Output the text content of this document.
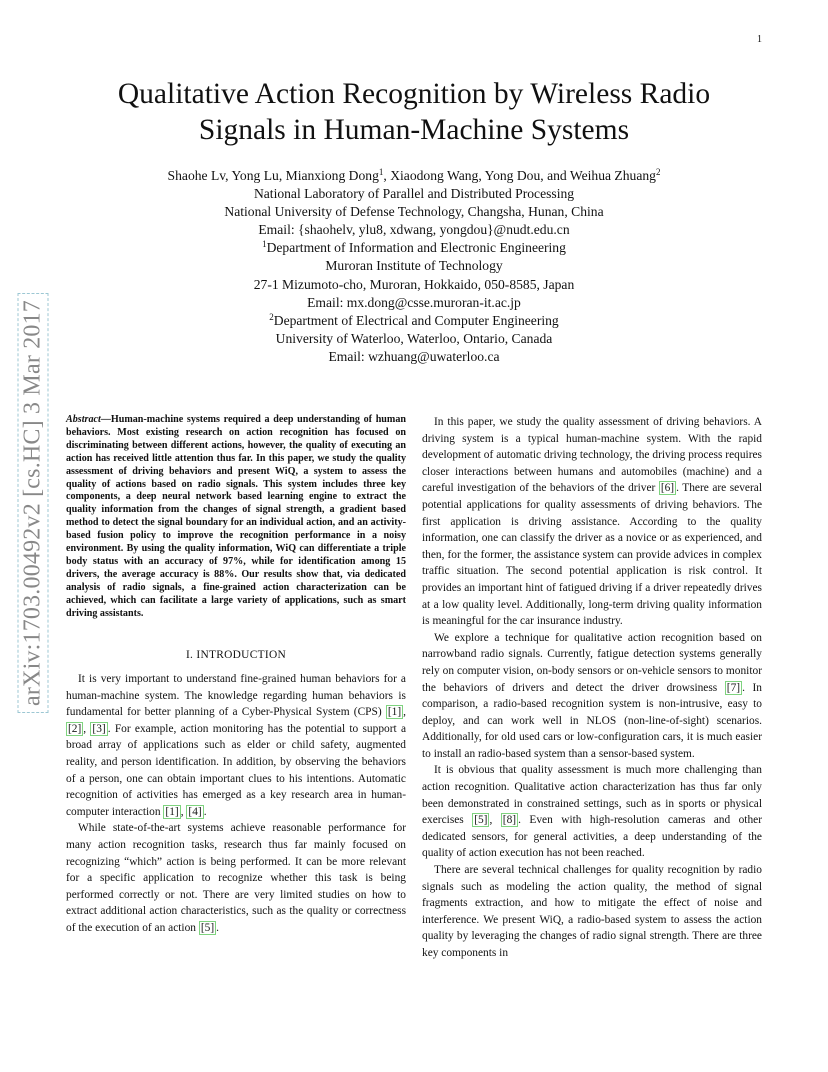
1
arXiv:1703.00492v2 [cs.HC] 3 Mar 2017
Qualitative Action Recognition by Wireless Radio
Signals in Human-Machine Systems
Shaohe Lv, Yong Lu, Mianxiong Dong$^1$, Xiaodong Wang, Yong Dou, and Weihua Zhuang$^2$
National Laboratory of Parallel and Distributed Processing
National University of Defense Technology, Changsha, Hunan, China
Email: {shaohelv, ylu8, xdwang, yongdou}@nudt.edu.cn
$^1$Department of Information and Electronic Engineering
Muroran Institute of Technology
27-1 Mizumoto-cho, Muroran, Hokkaido, 050-8585, Japan
Email: mx.dong@csse.muroran-it.ac.jp
$^2$Department of Electrical and Computer Engineering
University of Waterloo, Waterloo, Ontario, Canada
Email: wzhuang@uwaterloo.ca

Abstract—Human-machine systems required a deep understanding of human behaviors. Most existing research on action recognition has focused on discriminating between different actions, however, the quality of executing an action has received little attention thus far. In this paper, we study the quality assessment of driving behaviors and present WiQ, a system to assess the quality of actions based on radio signals. This system includes three key components, a deep neural network based learning engine to extract the quality information from the changes of signal strength, a gradient based method to detect the signal boundary for an individual action, and an activity-based fusion policy to improve the recognition performance in a noisy environment. By using the quality information, WiQ can differentiate a triple body status with an accuracy of 97%, while for identification among 15 drivers, the average accuracy is 88%. Our results show that, via dedicated analysis of radio signals, a fine-grained action characterization can be achieved, which can facilitate a large variety of applications, such as smart driving assistants.

I. INTRODUCTION

It is very important to understand fine-grained human behaviors for a human-machine system. The knowledge regarding human behaviors is fundamental for better planning of a Cyber-Physical System (CPS) [1] , [2] , [3] . For example, action monitoring has the potential to support a broad array of applications such as elder or child safety, augmented reality, and person identification. In addition, by observing the behaviors of a person, one can obtain important clues to his intentions. Automatic recognition of activities has emerged as a key research area in human-computer interaction [1] , [4] .

While state-of-the-art systems achieve reasonable performance for many action recognition tasks, research thus far mainly focused on recognizing “which” action is being performed. It can be more relevant for a specific application to recognize whether this task is being performed correctly or not. There are very limited studies on how to extract additional action characteristics, such as the quality or correctness of the execution of an action [5] .

In this paper, we study the quality assessment of driving behaviors. A driving system is a typical human-machine system. With the rapid development of automatic driving technology, the driving process requires closer interactions between humans and automobiles (machine) and a careful investigation of the behaviors of the driver [6] . There are several potential applications for quality assessments of driving behaviors. The first application is driving assistance. According to the quality information, one can classify the driver as a novice or as experienced, and then, for the former, the assistance system can provide advices in complex traffic situation. The second potential application is risk control. It provides an important hint of fatigued driving if a driver repeatedly drives at a low quality level. Additionally, long-term driving quality information is meaningful for the car insurance industry.

We explore a technique for qualitative action recognition based on narrowband radio signals. Currently, fatigue detection systems generally rely on computer vision, on-body sensors or on-vehicle sensors to monitor the behaviors of drivers and detect the driver drowsiness [7] . In comparison, a radio-based recognition system is non-intrusive, easy to deploy, and can work well in NLOS (non-line-of-sight) scenarios. Additionally, for old used cars or low-configuration cars, it is much easier to install an radio-based system than a sensor-based system.

It is obvious that quality assessment is much more challenging than action recognition. Qualitative action characterization has thus far only been demonstrated in constrained settings, such as in sports or physical exercises [5] , [8] . Even with high-resolution cameras and other dedicated sensors, for general activities, a deep understanding of the quality of action execution has not been reached.

There are several technical challenges for quality recognition by radio signals such as modeling the action quality, the method of signal fragments extraction, and how to mitigate the effect of noise and interference. We present WiQ, a radio-based system to assess the action quality by leveraging the changes of radio signal strength. There are three key components in
